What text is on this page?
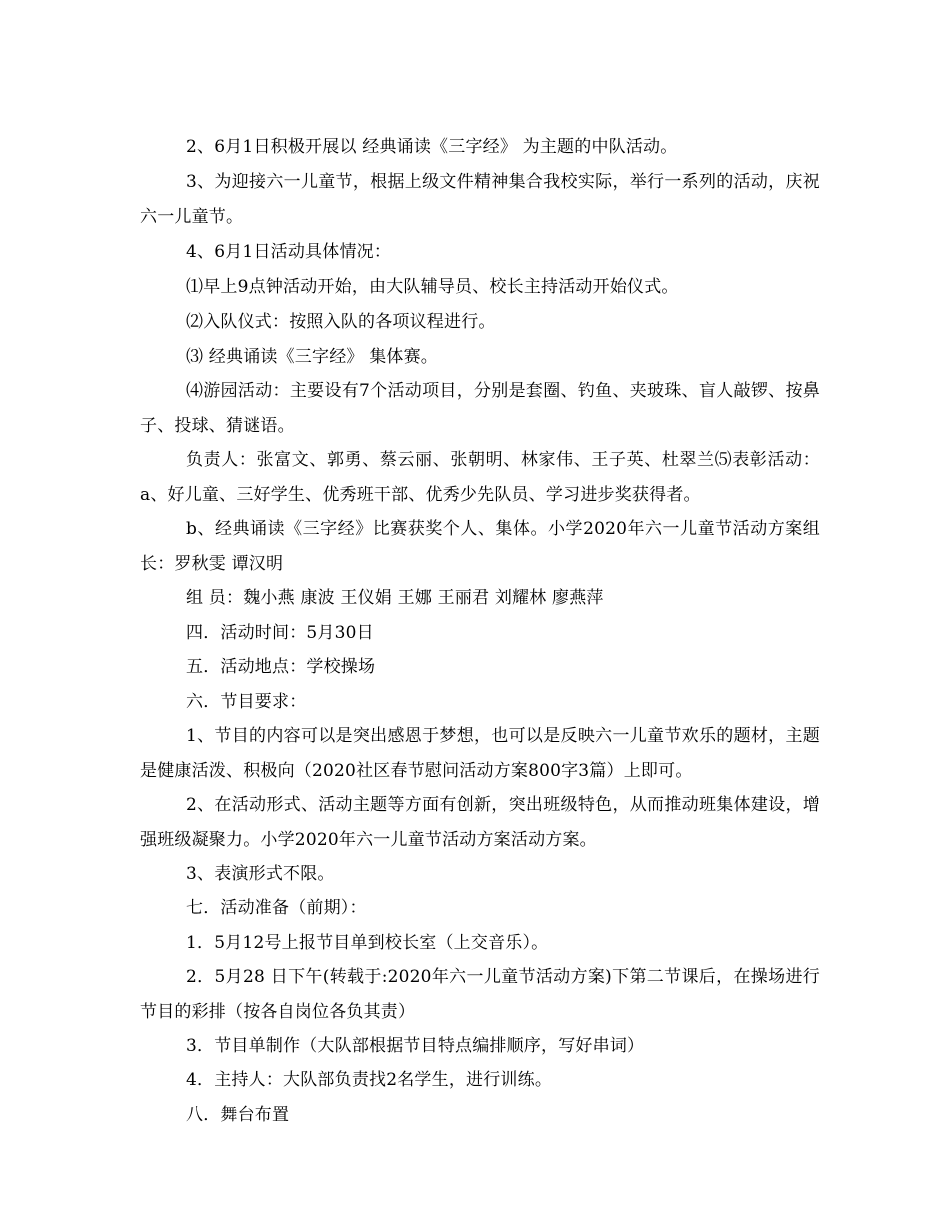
2、6月1日积极开展以 经典诵读《三字经》 为主题的中队活动。

3、为迎接六一儿童节，根据上级文件精神集合我校实际，举行一系列的活动，庆祝六一儿童节。

4、6月1日活动具体情况：

⑴早上9点钟活动开始，由大队辅导员、校长主持活动开始仪式。

⑵入队仪式：按照入队的各项议程进行。

⑶ 经典诵读《三字经》 集体赛。

⑷游园活动：主要设有7个活动项目，分别是套圈、钓鱼、夹玻珠、盲人敲锣、按鼻子、投球、猜谜语。

负责人：张富文、郭勇、蔡云丽、张朝明、林家伟、王子英、杜翠兰⑸表彰活动：a、好儿童、三好学生、优秀班干部、优秀少先队员、学习进步奖获得者。

b、经典诵读《三字经》比赛获奖个人、集体。小学2020年六一儿童节活动方案组 长：罗秋雯 谭汉明

组 员：魏小燕 康波 王仪娟 王娜 王丽君 刘耀林 廖燕萍

四．活动时间：5月30日

五．活动地点：学校操场

六．节目要求：

1、节目的内容可以是突出感恩于梦想，也可以是反映六一儿童节欢乐的题材，主题是健康活泼、积极向（2020社区春节慰问活动方案800字3篇）上即可。

2、在活动形式、活动主题等方面有创新，突出班级特色，从而推动班集体建设，增强班级凝聚力。小学2020年六一儿童节活动方案活动方案。

3、表演形式不限。

七．活动准备（前期）：

1．5月12号上报节目单到校长室（上交音乐）。

2．5月28 日下午(转载于:2020年六一儿童节活动方案)下第二节课后，在操场进行节目的彩排（按各自岗位各负其责）

3．节目单制作（大队部根据节目特点编排顺序，写好串词）

4．主持人：大队部负责找2名学生，进行训练。

八．舞台布置
